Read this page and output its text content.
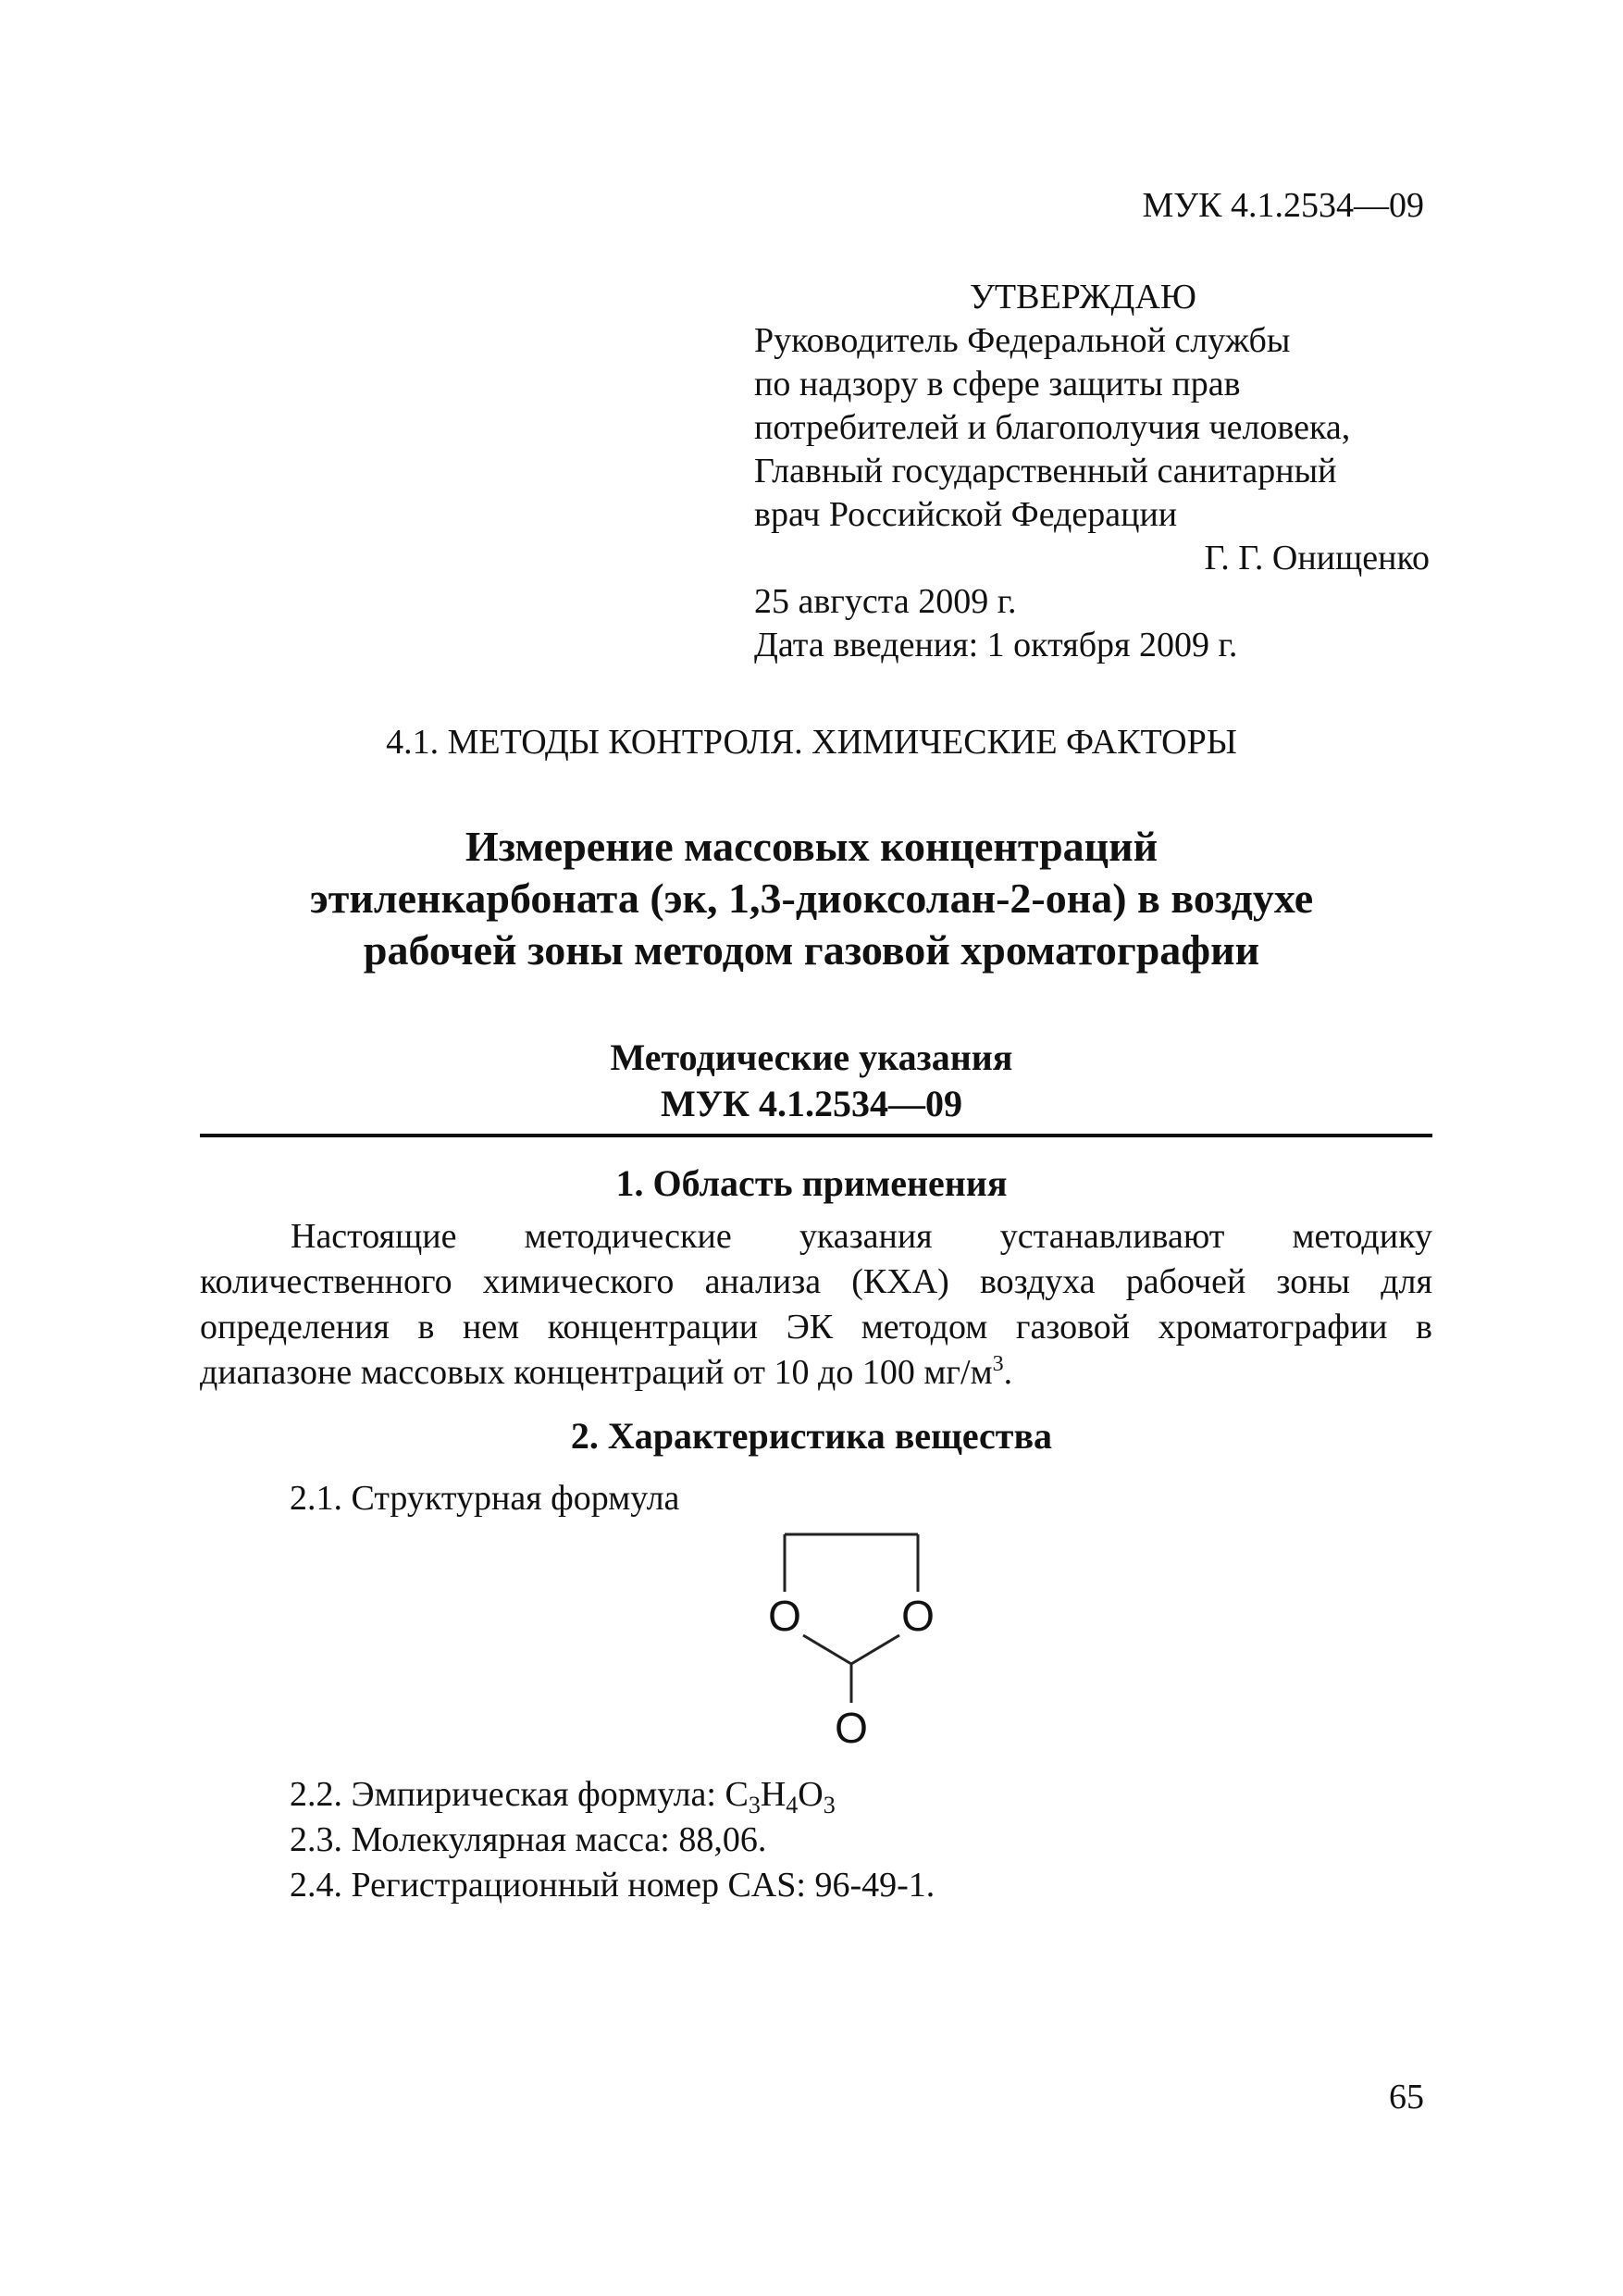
МУК 4.1.2534—09
УТВЕРЖДАЮ
Руководитель Федеральной службы
по надзору в сфере защиты прав
потребителей и благополучия человека,
Главный государственный санитарный
врач Российской Федерации
Г. Г. Онищенко
25 августа 2009 г.
Дата введения: 1 октября 2009 г.
4.1. МЕТОДЫ КОНТРОЛЯ. ХИМИЧЕСКИЕ ФАКТОРЫ
Измерение массовых концентраций
этиленкарбоната (эк, 1,3-диоксолан-2-она) в воздухе
рабочей зоны методом газовой хроматографии
Методические указания
МУК 4.1.2534—09
1. Область применения
Настоящие методические указания устанавливают методику количественного химического анализа (КХА) воздуха рабочей зоны для определения в нем концентрации ЭК методом газовой хроматографии в диапазоне массовых концентраций от 10 до 100 $мг/м^3$.
2. Характеристика вещества
2.1. Структурная формула
O O
O
2.2. Эмпирическая формула: $C_3H_4O_3$
2.3. Молекулярная масса: 88,06.
2.4. Регистрационный номер CAS: 96-49-1.
65
